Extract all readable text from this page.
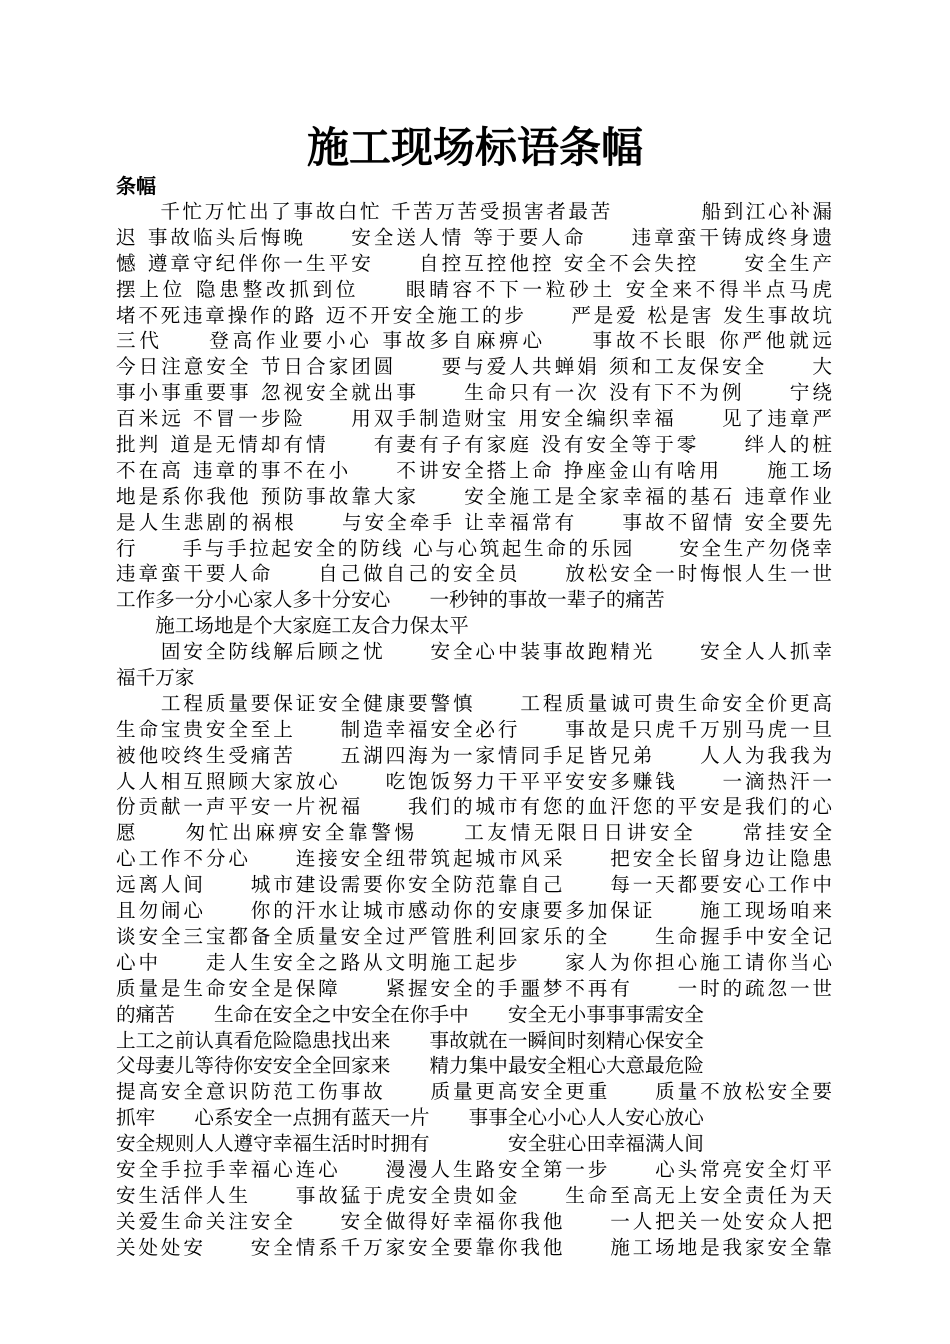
施工现场标语条幅
条幅
　　千忙万忙出了事故白忙 千苦万苦受损害者最苦　　　　船到江心补漏
迟 事故临头后悔晚　　安全送人情 等于要人命　　违章蛮干铸成终身遗
憾 遵章守纪伴你一生平安　　自控互控他控 安全不会失控　　安全生产
摆上位 隐患整改抓到位　　眼睛容不下一粒砂土 安全来不得半点马虎
堵不死违章操作的路 迈不开安全施工的步　　严是爱 松是害 发生事故坑
三代　　登高作业要小心 事故多自麻痹心　　事故不长眼 你严他就远
今日注意安全 节日合家团圆　　要与爱人共蝉娟 须和工友保安全　　大
事小事重要事 忽视安全就出事　　生命只有一次 没有下不为例　　宁绕
百米远 不冒一步险　　用双手制造财宝 用安全编织幸福　　见了违章严
批判 道是无情却有情　　有妻有子有家庭 没有安全等于零　　绊人的桩
不在高 违章的事不在小　　不讲安全搭上命 挣座金山有啥用　　施工场
地是系你我他 预防事故靠大家　　安全施工是全家幸福的基石 违章作业
是人生悲剧的祸根　　与安全牵手 让幸福常有　　事故不留情 安全要先
行　　手与手拉起安全的防线 心与心筑起生命的乐园　　安全生产勿侥幸
违章蛮干要人命　　自己做自己的安全员　　放松安全一时悔恨人生一世
工作多一分小心家人多十分安心　　一秒钟的事故一辈子的痛苦
　　施工场地是个大家庭工友合力保太平
　　固安全防线解后顾之忧　　安全心中装事故跑精光　　安全人人抓幸
福千万家
　　工程质量要保证安全健康要警慎　　工程质量诚可贵生命安全价更高
生命宝贵安全至上　　制造幸福安全必行　　事故是只虎千万别马虎一旦
被他咬终生受痛苦　　五湖四海为一家情同手足皆兄弟　　人人为我我为
人人相互照顾大家放心　　吃饱饭努力干平平安安多赚钱　　一滴热汗一
份贡献一声平安一片祝福　　我们的城市有您的血汗您的平安是我们的心
愿　　匆忙出麻痹安全靠警惕　　工友情无限日日讲安全　　常挂安全
心工作不分心　　连接安全纽带筑起城市风采　　把安全长留身边让隐患
远离人间　　城市建设需要你安全防范靠自己　　每一天都要安心工作中
且勿闹心　　你的汗水让城市感动你的安康要多加保证　　施工现场咱来
谈安全三宝都备全质量安全过严管胜利回家乐的全　　生命握手中安全记
心中　　走人生安全之路从文明施工起步　　家人为你担心施工请你当心
质量是生命安全是保障　　紧握安全的手噩梦不再有　　一时的疏忽一世
的痛苦　　生命在安全之中安全在你手中　　安全无小事事事需安全
上工之前认真看危险隐患找出来　　事故就在一瞬间时刻精心保安全
父母妻儿等待你安安全全回家来　　精力集中最安全粗心大意最危险
提高安全意识防范工伤事故　　质量更高安全更重　　质量不放松安全要
抓牢　　心系安全一点拥有蓝天一片　　事事全心小心人人安心放心
安全规则人人遵守幸福生活时时拥有　　　　安全驻心田幸福满人间
安全手拉手幸福心连心　　漫漫人生路安全第一步　　心头常亮安全灯平
安生活伴人生　　事故猛于虎安全贵如金　　生命至高无上安全责任为天
关爱生命关注安全　　安全做得好幸福你我他　　一人把关一处安众人把
关处处安　　安全情系千万家安全要靠你我他　　施工场地是我家安全靠
